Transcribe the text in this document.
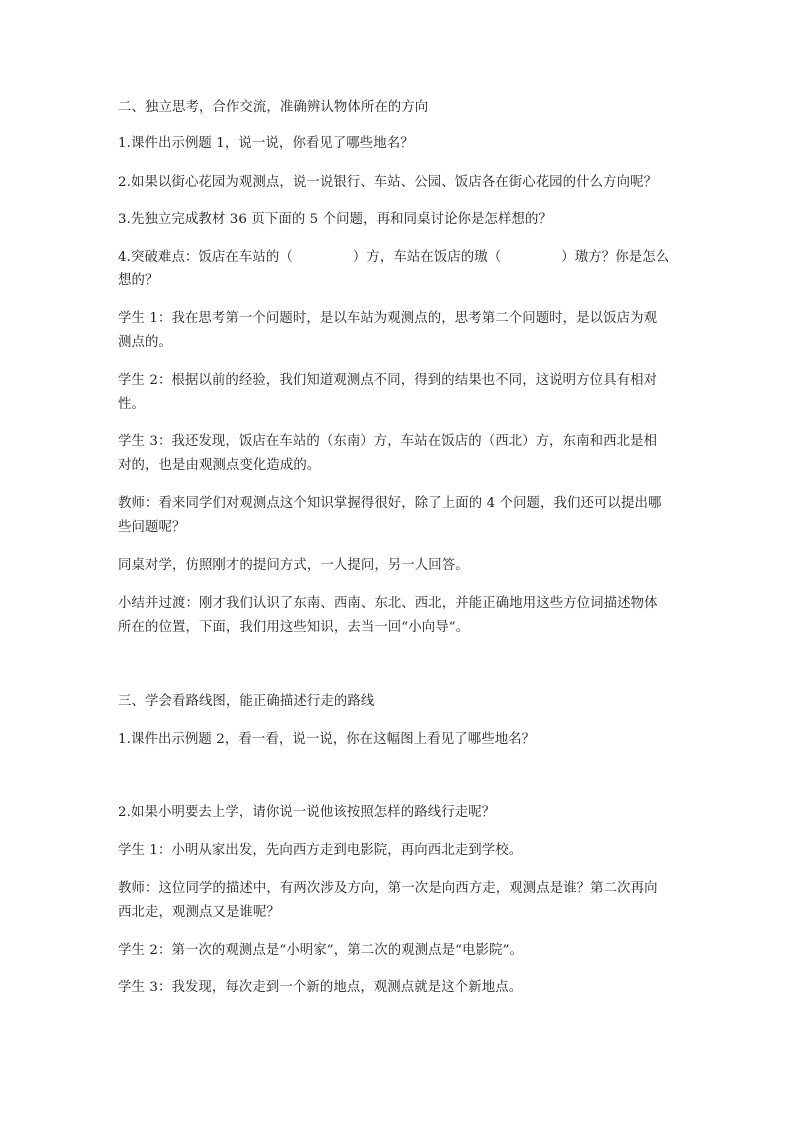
二、独立思考，合作交流，准确辨认物体所在的方向
1.课件出示例题 1，说一说，你看见了哪些地名？
2.如果以街心花园为观测点，说一说银行、车站、公园、饭店各在街心花园的什么方向呢？
3.先独立完成教材 36 页下面的 5 个问题，再和同桌讨论你是怎样想的？
4.突破难点：饭店在车站的（	）方，车站在饭店的璈（	）璈方？你是怎么
想的？
学生 1：我在思考第一个问题时，是以车站为观测点的，思考第二个问题时，是以饭店为观
测点的。
学生 2：根据以前的经验，我们知道观测点不同，得到的结果也不同，这说明方位具有相对
性。
学生 3：我还发现，饭店在车站的（东南）方，车站在饭店的（西北）方，东南和西北是相
对的，也是由观测点变化造成的。
教师：看来同学们对观测点这个知识掌握得很好，除了上面的 4 个问题，我们还可以提出哪
些问题呢？
同桌对学，仿照刚才的提问方式，一人提问，另一人回答。
小结并过渡：刚才我们认识了东南、西南、东北、西北，并能正确地用这些方位词描述物体
所在的位置，下面，我们用这些知识，去当一回“小向导”。
三、学会看路线图，能正确描述行走的路线
1.课件出示例题 2，看一看，说一说，你在这幅图上看见了哪些地名？
2.如果小明要去上学，请你说一说他该按照怎样的路线行走呢？
学生 1：小明从家出发，先向西方走到电影院，再向西北走到学校。
教师：这位同学的描述中，有两次涉及方向，第一次是向西方走，观测点是谁？第二次再向
西北走，观测点又是谁呢？
学生 2：第一次的观测点是“小明家”，第二次的观测点是“电影院”。
学生 3：我发现，每次走到一个新的地点，观测点就是这个新地点。
